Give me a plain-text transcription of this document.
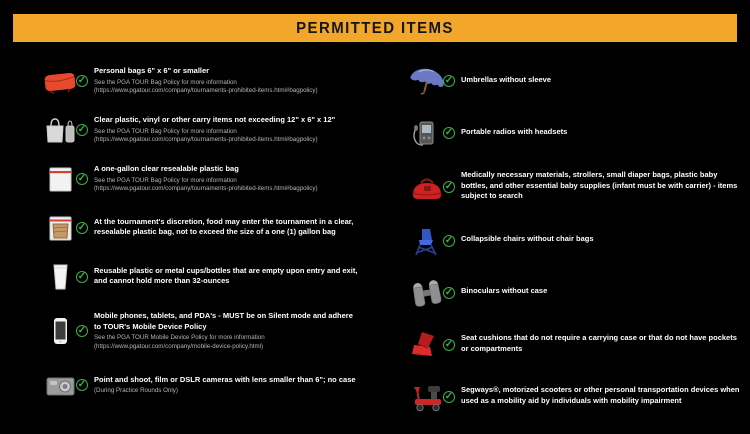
PERMITTED ITEMS
✓
Personal bags 6" x 6" or smaller
See the PGA TOUR Bag Policy for more information
(https://www.pgatour.com/company/tournaments-prohibited-items.html#bagpolicy)
✓
Clear plastic, vinyl or other carry items not exceeding 12" x 6" x 12"
See the PGA TOUR Bag Policy for more information
(https://www.pgatour.com/company/tournaments-prohibited-items.html#bagpolicy)
✓
A one-gallon clear resealable plastic bag
See the PGA TOUR Bag Policy for more information
(https://www.pgatour.com/company/tournaments-prohibited-items.html#bagpolicy)
✓
At the tournament's discretion, food may enter the tournament in a clear, resealable plastic bag, not to exceed the size of a one (1) gallon bag
✓
Reusable plastic or metal cups/bottles that are empty upon entry and exit, and cannot hold more than 32-ounces
✓
Mobile phones, tablets, and PDA's - MUST be on Silent mode and adhere to TOUR's Mobile Device Policy
See the PGA TOUR Mobile Device Policy for more information
(https://www.pgatour.com/company/mobile-device-policy.html)
✓
Point and shoot, film or DSLR cameras with lens smaller than 6"; no case
(During Practice Rounds Only)
✓ Umbrellas without sleeve
✓ Portable radios with headsets
✓
Medically necessary materials, strollers, small diaper bags, plastic baby bottles, and other essential baby supplies (infant must be with carrier) - items subject to search
✓ Collapsible chairs without chair bags
✓ Binoculars without case
✓
Seat cushions that do not require a carrying case or that do not have pockets or compartments
✓
Segways®, motorized scooters or other personal transportation devices when used as a mobility aid by individuals with mobility impairment
